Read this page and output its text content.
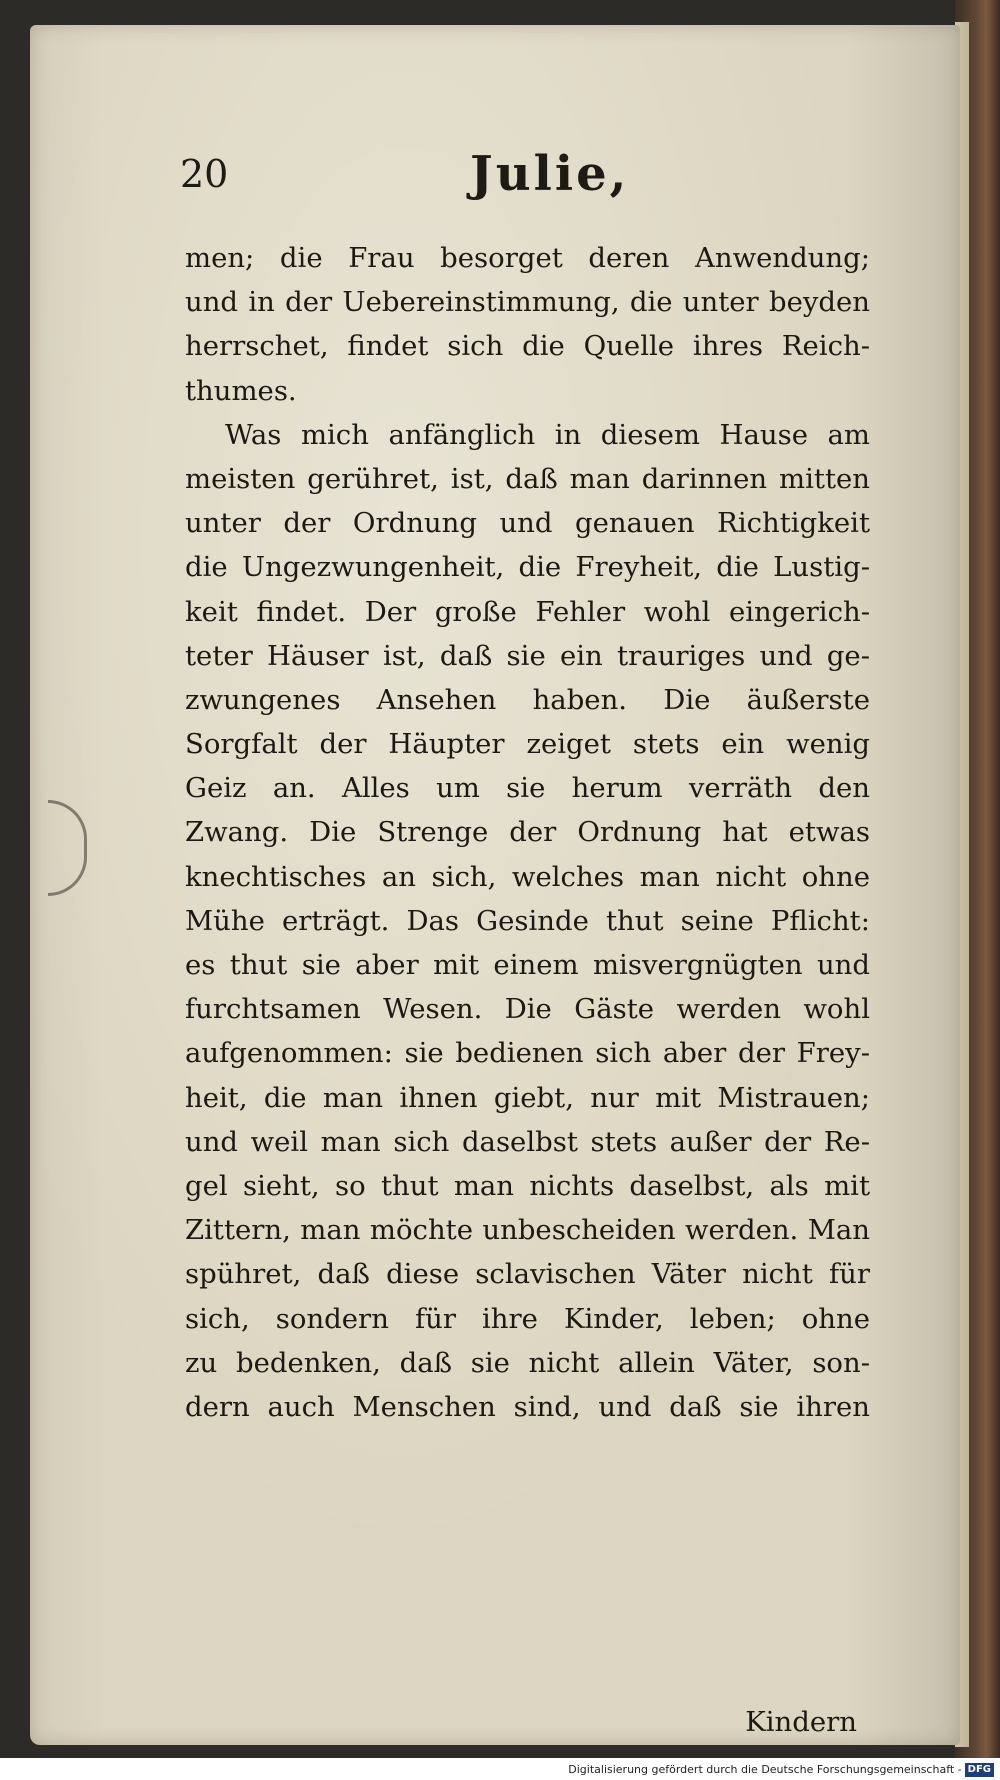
20	Julie,
men; die Frau besorget deren Anwendung;
und in der Uebereinstimmung, die unter beyden
herrschet, findet sich die Quelle ihres Reich-
thumes.
Was mich anfänglich in diesem Hause am
meisten gerühret, ist, daß man darinnen mitten
unter der Ordnung und genauen Richtigkeit
die Ungezwungenheit, die Freyheit, die Lustig-
keit findet. Der große Fehler wohl eingerich-
teter Häuser ist, daß sie ein trauriges und ge-
zwungenes Ansehen haben. Die äußerste
Sorgfalt der Häupter zeiget stets ein wenig
Geiz an. Alles um sie herum verräth den
Zwang. Die Strenge der Ordnung hat etwas
knechtisches an sich, welches man nicht ohne
Mühe erträgt. Das Gesinde thut seine Pflicht:
es thut sie aber mit einem misvergnügten und
furchtsamen Wesen. Die Gäste werden wohl
aufgenommen: sie bedienen sich aber der Frey-
heit, die man ihnen giebt, nur mit Mistrauen;
und weil man sich daselbst stets außer der Re-
gel sieht, so thut man nichts daselbst, als mit
Zittern, man möchte unbescheiden werden. Man
spühret, daß diese sclavischen Väter nicht für
sich, sondern für ihre Kinder, leben; ohne
zu bedenken, daß sie nicht allein Väter, son-
dern auch Menschen sind, und daß sie ihren
Kindern
Digitalisierung gefördert durch die Deutsche Forschungsgemeinschaft - DFG
